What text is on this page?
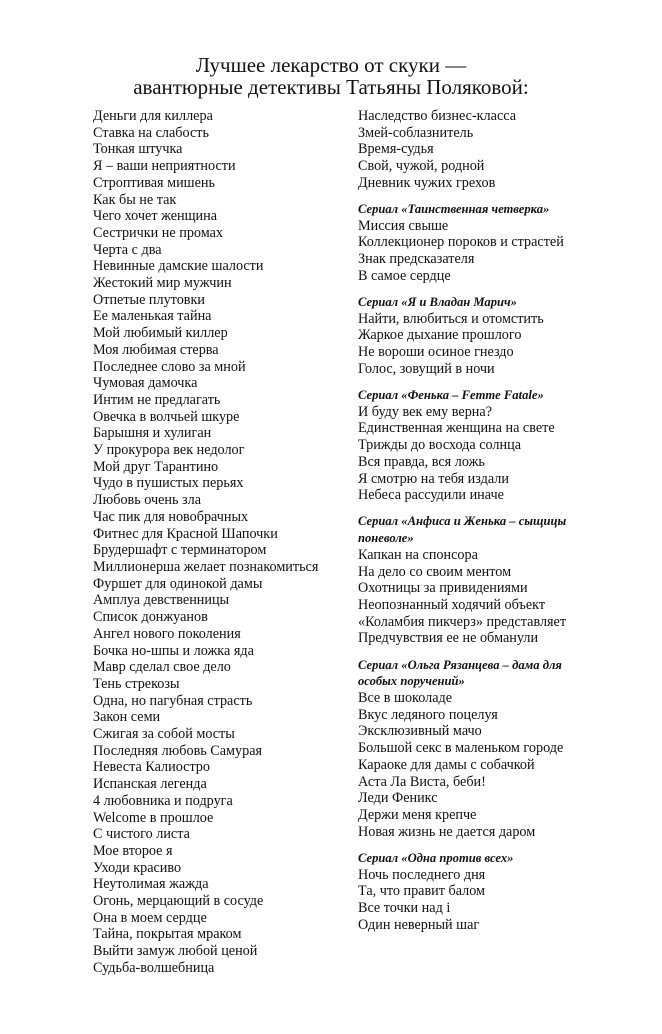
Лучшее лекарство от скуки —
авантюрные детективы Татьяны Поляковой:
Деньги для киллера
Ставка на слабость
Тонкая штучка
Я – ваши неприятности
Строптивая мишень
Как бы не так
Чего хочет женщина
Сестрички не промах
Черта с два
Невинные дамские шалости
Жестокий мир мужчин
Отпетые плутовки
Ее маленькая тайна
Мой любимый киллер
Моя любимая стерва
Последнее слово за мной
Чумовая дамочка
Интим не предлагать
Овечка в волчьей шкуре
Барышня и хулиган
У прокурора век недолог
Мой друг Тарантино
Чудо в пушистых перьях
Любовь очень зла
Час пик для новобрачных
Фитнес для Красной Шапочки
Брудершафт с терминатором
Миллионерша желает познакомиться
Фуршет для одинокой дамы
Амплуа девственницы
Список донжуанов
Ангел нового поколения
Бочка но-шпы и ложка яда
Мавр сделал свое дело
Тень стрекозы
Одна, но пагубная страсть
Закон семи
Сжигая за собой мосты
Последняя любовь Самурая
Невеста Калиостро
Испанская легенда
4 любовника и подруга
Welcome в прошлое
С чистого листа
Мое второе я
Уходи красиво
Неутолимая жажда
Огонь, мерцающий в сосуде
Она в моем сердце
Тайна, покрытая мраком
Выйти замуж любой ценой
Судьба-волшебница
Наследство бизнес-класса
Змей-соблазнитель
Время-судья
Свой, чужой, родной
Дневник чужих грехов
Сериал «Таинственная четверка»
Миссия свыше
Коллекционер пороков и страстей
Знак предсказателя
В самое сердце
Сериал «Я и Владан Марич»
Найти, влюбиться и отомстить
Жаркое дыхание прошлого
Не вороши осиное гнездо
Голос, зовущий в ночи
Сериал «Фенька – Femme Fatale»
И буду век ему верна?
Единственная женщина на свете
Трижды до восхода солнца
Вся правда, вся ложь
Я смотрю на тебя издали
Небеса рассудили иначе
Сериал «Анфиса и Женька – сыщицы
поневоле»
Капкан на спонсора
На дело со своим ментом
Охотницы за привидениями
Неопознанный ходячий объект
«Коламбия пикчерз» представляет
Предчувствия ее не обманули
Сериал «Ольга Рязанцева – дама для
особых поручений»
Все в шоколаде
Вкус ледяного поцелуя
Эксклюзивный мачо
Большой секс в маленьком городе
Караоке для дамы с собачкой
Аста Ла Виста, беби!
Леди Феникс
Держи меня крепче
Новая жизнь не дается даром
Сериал «Одна против всех»
Ночь последнего дня
Та, что правит балом
Все точки над i
Один неверный шаг
